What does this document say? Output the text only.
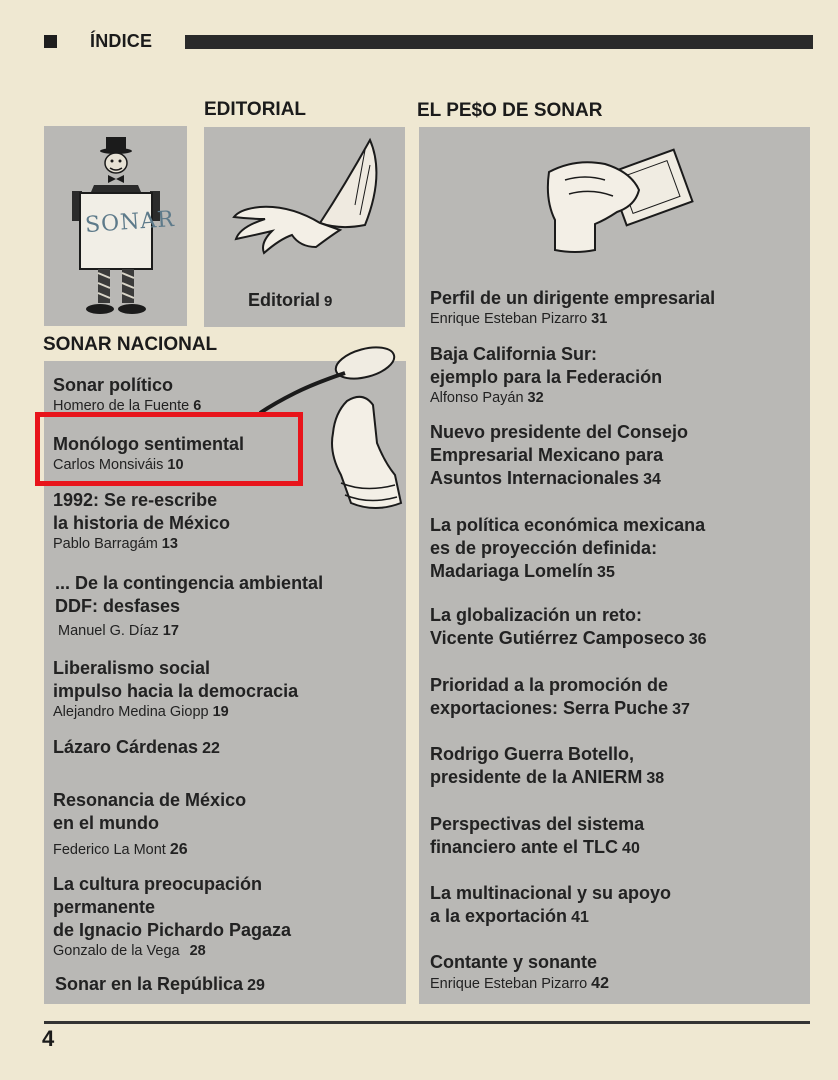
ÍNDICE
EDITORIAL	EL PE$O DE SONAR
SONAR NACIONAL
SONAR
Editorial 9
Sonar político
Homero de la Fuente 6
Monólogo sentimental
Carlos Monsiváis 10
1992: Se re-escribe
la historia de México
Pablo Barragám 13
... De la contingencia ambiental
DDF: desfases
Manuel G. Díaz 17
Liberalismo social
impulso hacia la democracia
Alejandro Medina Giopp 19
Lázaro Cárdenas 22
Resonancia de México
en el mundo
Federico La Mont 26
La cultura preocupación
permanente
de Ignacio Pichardo Pagaza
Gonzalo de la Vega 28
Sonar en la República 29
Perfil de un dirigente empresarial
Enrique Esteban Pizarro 31
Baja California Sur:
ejemplo para la Federación
Alfonso Payán 32
Nuevo presidente del Consejo
Empresarial Mexicano para
Asuntos Internacionales 34
La política económica mexicana
es de proyección definida:
Madariaga Lomelín 35
La globalización un reto:
Vicente Gutiérrez Camposeco 36
Prioridad a la promoción de
exportaciones: Serra Puche 37
Rodrigo Guerra Botello,
presidente de la ANIERM 38
Perspectivas del sistema
financiero ante el TLC 40
La multinacional y su apoyo
a la exportación 41
Contante y sonante
Enrique Esteban Pizarro 42
4
